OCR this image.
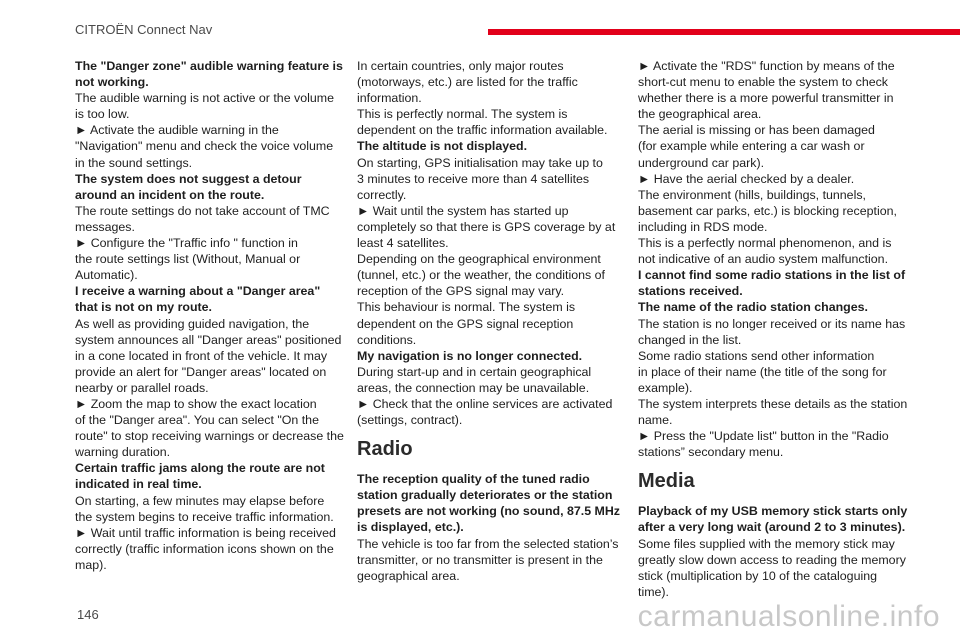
CITROËN Connect Nav
The "Danger zone" audible warning feature is
not working.
The audible warning is not active or the volume
is too low.
► Activate the audible warning in the
"Navigation" menu and check the voice volume
in the sound settings.
The system does not suggest a detour
around an incident on the route.
The route settings do not take account of TMC
messages.
► Configure the "Traffic info " function in
the route settings list (Without, Manual or
Automatic).
I receive a warning about a "Danger area"
that is not on my route.
As well as providing guided navigation, the
system announces all "Danger areas" positioned
in a cone located in front of the vehicle. It may
provide an alert for "Danger areas" located on
nearby or parallel roads.
► Zoom the map to show the exact location
of the "Danger area". You can select "On the
route" to stop receiving warnings or decrease the
warning duration.
Certain traffic jams along the route are not
indicated in real time.
On starting, a few minutes may elapse before
the system begins to receive traffic information.
► Wait until traffic information is being received
correctly (traffic information icons shown on the
map).
In certain countries, only major routes
(motorways, etc.) are listed for the traffic
information.
This is perfectly normal. The system is
dependent on the traffic information available.
The altitude is not displayed.
On starting, GPS initialisation may take up to
3 minutes to receive more than 4 satellites
correctly.
► Wait until the system has started up
completely so that there is GPS coverage by at
least 4 satellites.
Depending on the geographical environment
(tunnel, etc.) or the weather, the conditions of
reception of the GPS signal may vary.
This behaviour is normal. The system is
dependent on the GPS signal reception
conditions.
My navigation is no longer connected.
During start-up and in certain geographical
areas, the connection may be unavailable.
► Check that the online services are activated
(settings, contract).
Radio
The reception quality of the tuned radio
station gradually deteriorates or the station
presets are not working (no sound, 87.5 MHz
is displayed, etc.).
The vehicle is too far from the selected station’s
transmitter, or no transmitter is present in the
geographical area.
► Activate the "RDS" function by means of the
short-cut menu to enable the system to check
whether there is a more powerful transmitter in
the geographical area.
The aerial is missing or has been damaged
(for example while entering a car wash or
underground car park).
► Have the aerial checked by a dealer.
The environment (hills, buildings, tunnels,
basement car parks, etc.) is blocking reception,
including in RDS mode.
This is a perfectly normal phenomenon, and is
not indicative of an audio system malfunction.
I cannot find some radio stations in the list of
stations received.
The name of the radio station changes.
The station is no longer received or its name has
changed in the list.
Some radio stations send other information
in place of their name (the title of the song for
example).
The system interprets these details as the station
name.
► Press the "Update list" button in the "Radio
stations” secondary menu.
Media
Playback of my USB memory stick starts only
after a very long wait (around 2 to 3 minutes).
Some files supplied with the memory stick may
greatly slow down access to reading the memory
stick (multiplication by 10 of the cataloguing
time).
146	carmanualsonline.info
